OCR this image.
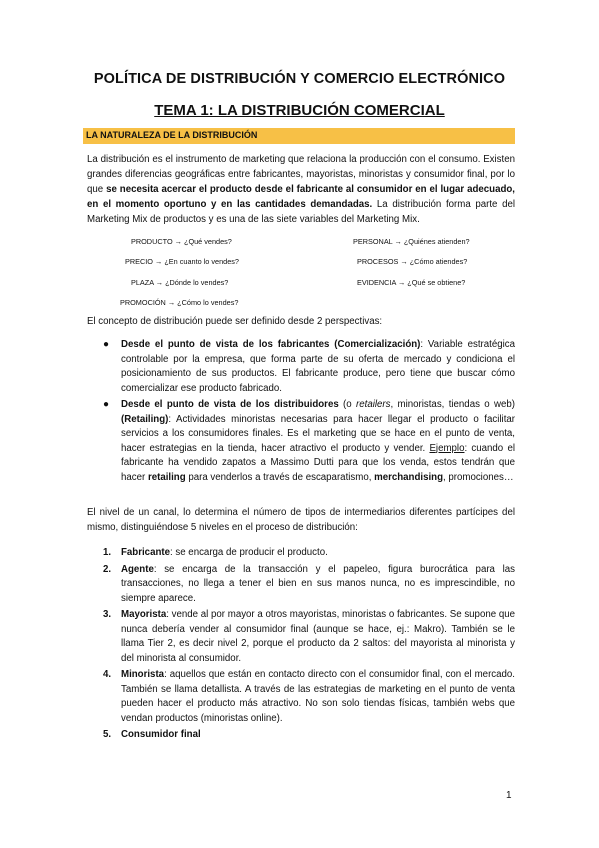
POLÍTICA DE DISTRIBUCIÓN Y COMERCIO ELECTRÓNICO
TEMA 1: LA DISTRIBUCIÓN COMERCIAL
LA NATURALEZA DE LA DISTRIBUCIÓN

La distribución es el instrumento de marketing que relaciona la producción con el consumo. Existen grandes diferencias geográficas entre fabricantes, mayoristas, minoristas y consumidor final, por lo que se necesita acercar el producto desde el fabricante al consumidor en el lugar adecuado, en el momento oportuno y en las cantidades demandadas. La distribución forma parte del Marketing Mix de productos y es una de las siete variables del Marketing Mix.

PRODUCTO → ¿Qué vendes?
PRECIO → ¿En cuanto lo vendes?
PLAZA → ¿Dónde lo vendes?
PROMOCIÓN → ¿Cómo lo vendes?
PERSONAL → ¿Quiénes atienden?
PROCESOS → ¿Cómo atiendes?
EVIDENCIA → ¿Qué se obtiene?

El concepto de distribución puede ser definido desde 2 perspectivas:

● Desde el punto de vista de los fabricantes (Comercialización): Variable estratégica controlable por la empresa, que forma parte de su oferta de mercado y condiciona el posicionamiento de sus productos. El fabricante produce, pero tiene que buscar cómo comercializar ese producto fabricado.
● Desde el punto de vista de los distribuidores (o retailers, minoristas, tiendas o web) (Retailing): Actividades minoristas necesarias para hacer llegar el producto o facilitar servicios a los consumidores finales. Es el marketing que se hace en el punto de venta, hacer estrategias en la tienda, hacer atractivo el producto y vender. Ejemplo: cuando el fabricante ha vendido zapatos a Massimo Dutti para que los venda, estos tendrán que hacer retailing para venderlos a través de escaparatismo, merchandising, promociones…

El nivel de un canal, lo determina el número de tipos de intermediarios diferentes partícipes del mismo, distinguiéndose 5 niveles en el proceso de distribución:

1. Fabricante: se encarga de producir el producto.
2. Agente: se encarga de la transacción y el papeleo, figura burocrática para las transacciones, no llega a tener el bien en sus manos nunca, no es imprescindible, no siempre aparece.
3. Mayorista: vende al por mayor a otros mayoristas, minoristas o fabricantes. Se supone que nunca debería vender al consumidor final (aunque se hace, ej.: Makro). También se le llama Tier 2, es decir nivel 2, porque el producto da 2 saltos: del mayorista al minorista y del minorista al consumidor.
4. Minorista: aquellos que están en contacto directo con el consumidor final, con el mercado. También se llama detallista. A través de las estrategias de marketing en el punto de venta pueden hacer el producto más atractivo. No son solo tiendas físicas, también webs que vendan productos (minoristas online).
5. Consumidor final
1
